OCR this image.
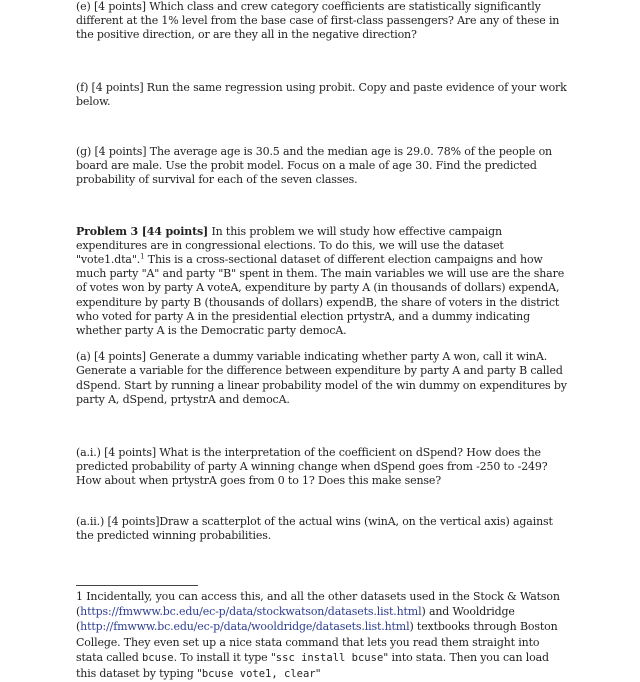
(e) [4 points] Which class and crew category coefficients are statistically significantly different at the 1% level from the base case of first-class passengers? Are any of these in the positive direction, or are they all in the negative direction?

(f) [4 points] Run the same regression using probit. Copy and paste evidence of your work below.

(g) [4 points] The average age is 30.5 and the median age is 29.0. 78% of the people on board are male. Use the probit model. Focus on a male of age 30. Find the predicted probability of survival for each of the seven classes.

Problem 3 [44 points] In this problem we will study how effective campaign expenditures are in congressional elections. To do this, we will use the dataset "vote1.dta".$^1$ This is a cross-sectional dataset of different election campaigns and how much party "A" and party "B" spent in them. The main variables we will use are the share of votes won by party A voteA, expenditure by party A (in thousands of dollars) expendA, expenditure by party B (thousands of dollars) expendB, the share of voters in the district who voted for party A in the presidential election prtystrA, and a dummy indicating whether party A is the Democratic party democA.

(a) [4 points] Generate a dummy variable indicating whether party A won, call it winA. Generate a variable for the difference between expenditure by party A and party B called dSpend. Start by running a linear probability model of the win dummy on expenditures by party A, dSpend, prtystrA and democA.

(a.i.) [4 points] What is the interpretation of the coefficient on dSpend? How does the predicted probability of party A winning change when dSpend goes from -250 to -249? How about when prtystrA goes from 0 to 1? Does this make sense?

(a.ii.) [4 points]Draw a scatterplot of the actual wins (winA, on the vertical axis) against the predicted winning probabilities.

1 Incidentally, you can access this, and all the other datasets used in the Stock & Watson (https://fmwww.bc.edu/ec-p/data/stockwatson/datasets.list.html) and Wooldridge (http://fmwww.bc.edu/ec-p/data/wooldridge/datasets.list.html) textbooks through Boston College. They even set up a nice stata command that lets you read them straight into stata called bcuse. To install it type "ssc install bcuse" into stata. Then you can load this dataset by typing "bcuse vote1, clear"
